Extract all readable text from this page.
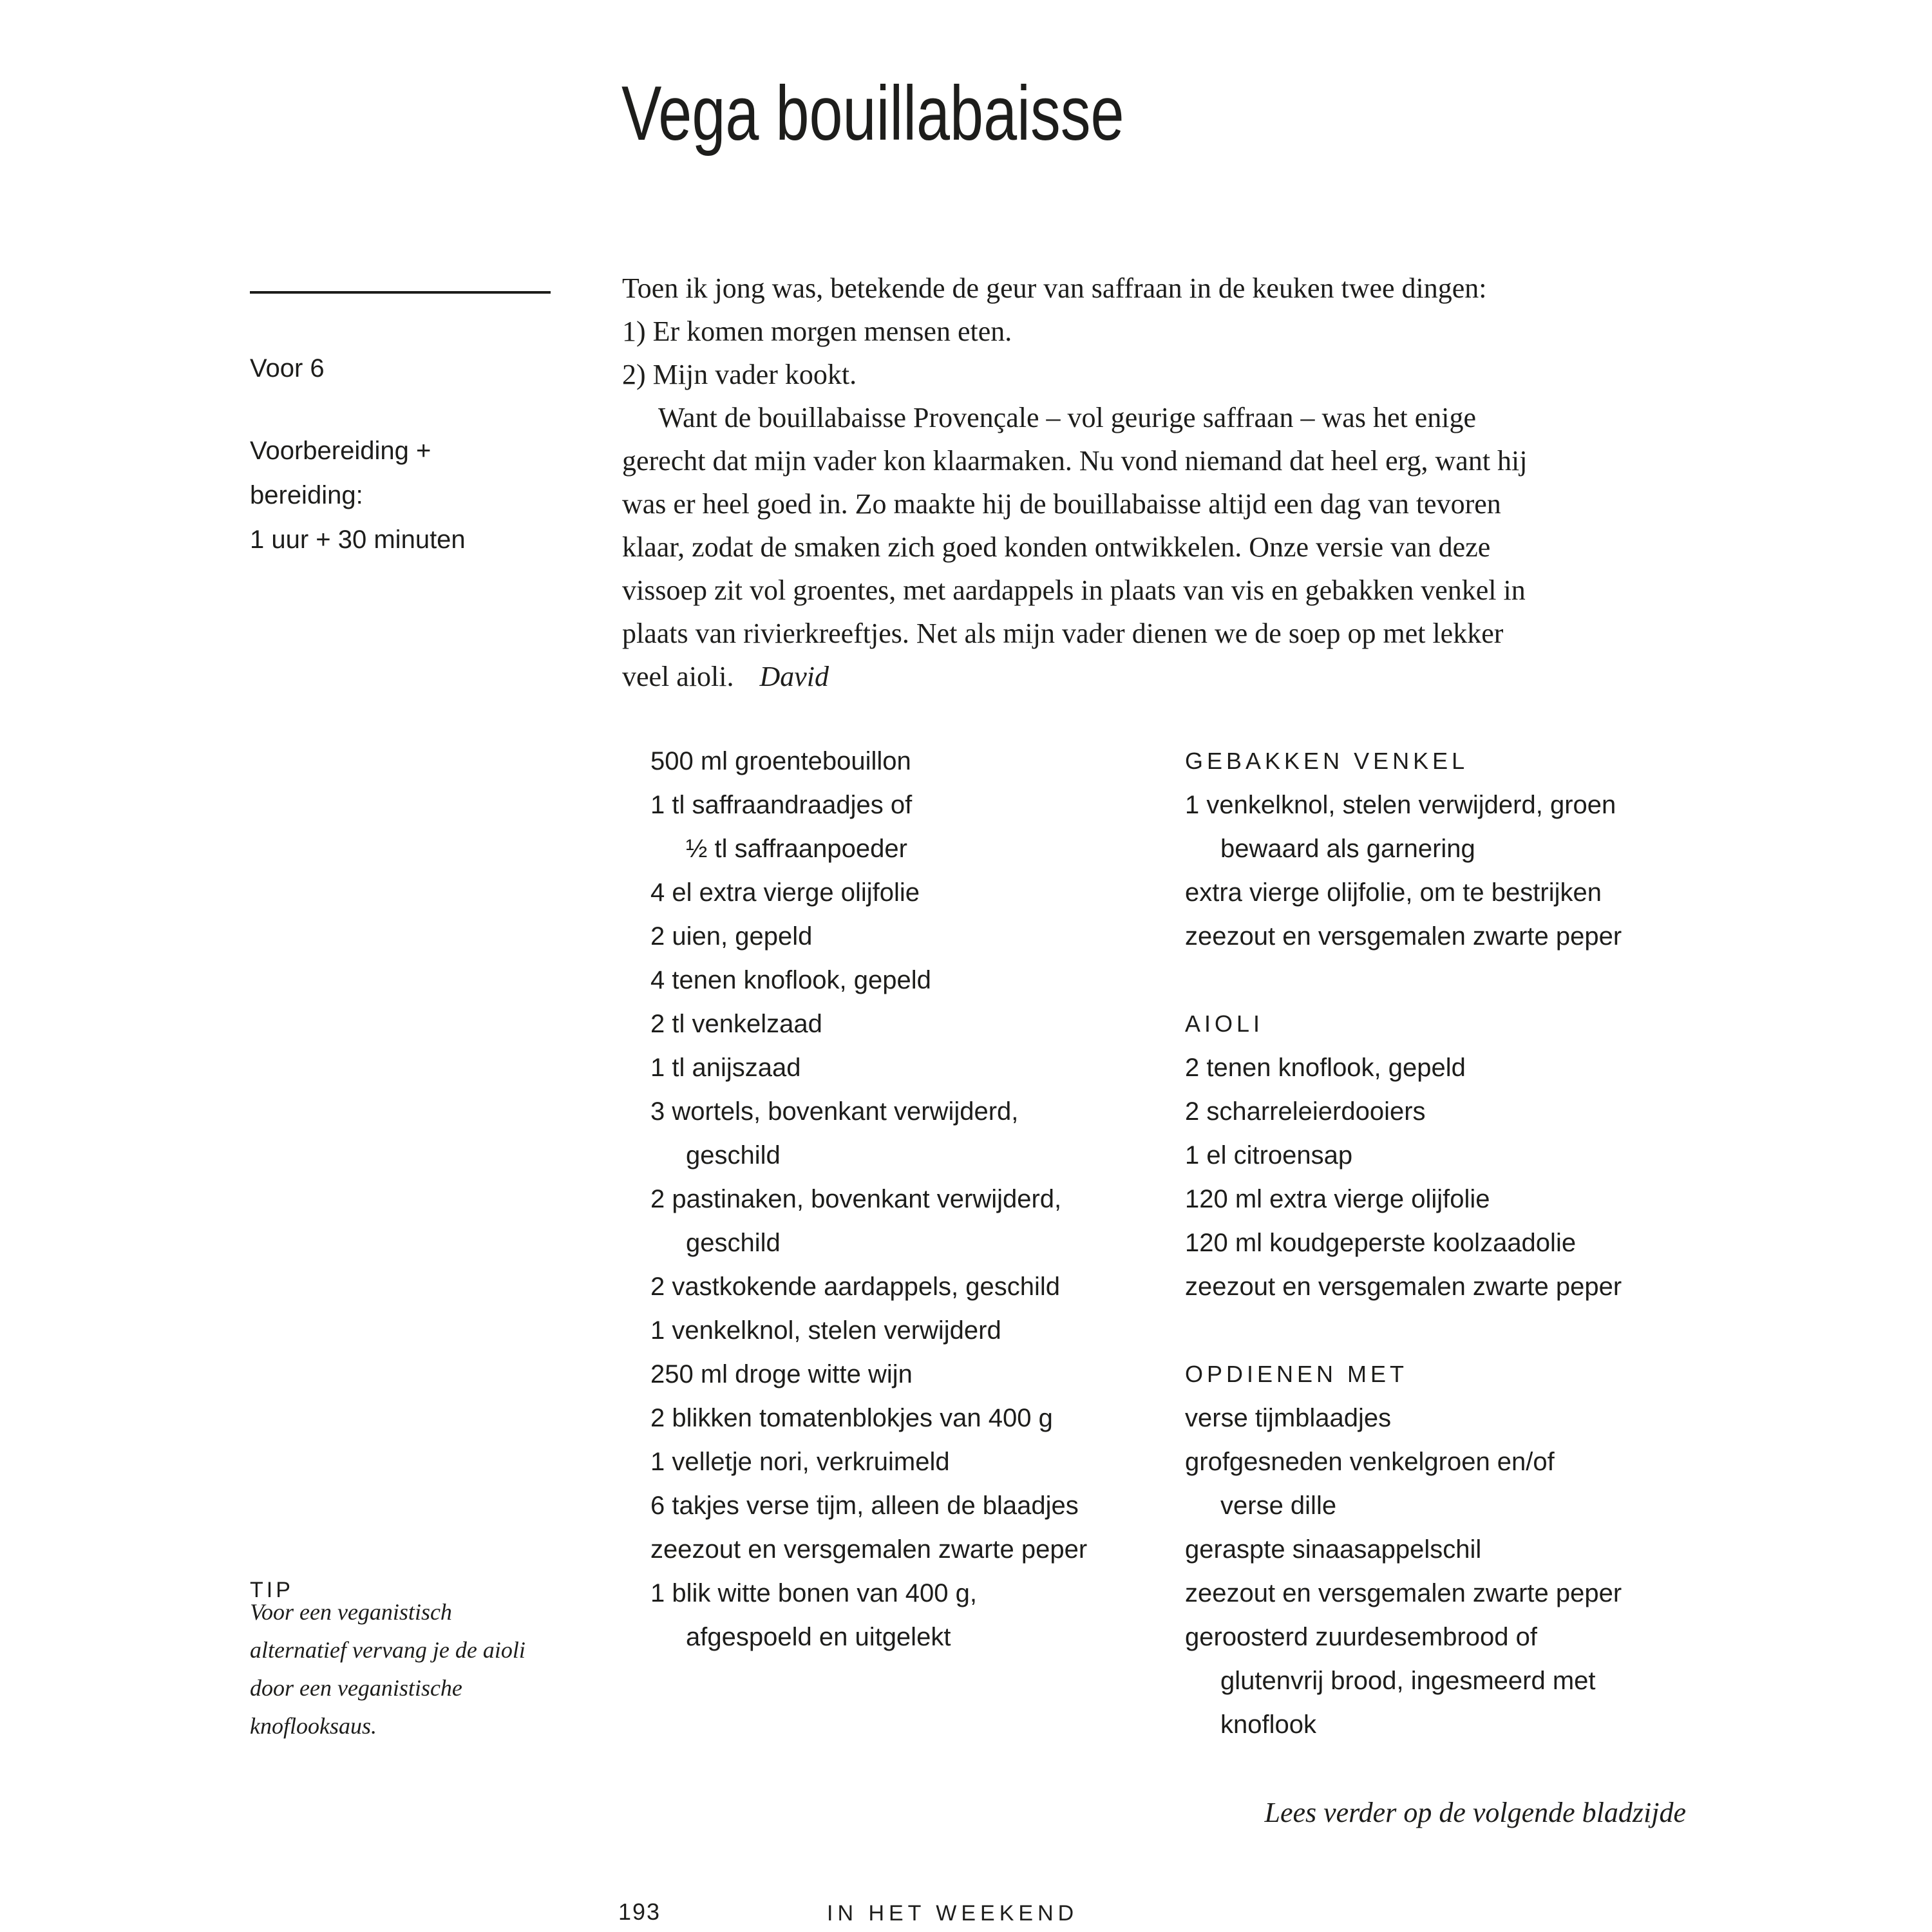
Vega bouillabaisse
Voor 6
Voorbereiding +
bereiding:
1 uur + 30 minuten
Toen ik jong was, betekende de geur van saffraan in de keuken twee dingen:
1) Er komen morgen mensen eten.
2) Mijn vader kookt.
Want de bouillabaisse Provençale – vol geurige saffraan – was het enige
gerecht dat mijn vader kon klaarmaken. Nu vond niemand dat heel erg, want hij
was er heel goed in. Zo maakte hij de bouillabaisse altijd een dag van tevoren
klaar, zodat de smaken zich goed konden ontwikkelen. Onze versie van deze
vissoep zit vol groentes, met aardappels in plaats van vis en gebakken venkel in
plaats van rivierkreeftjes. Net als mijn vader dienen we de soep op met lekker
veel aioli. David
500 ml groentebouillon
1 tl saffraandraadjes of
½ tl saffraanpoeder
4 el extra vierge olijfolie
2 uien, gepeld
4 tenen knoflook, gepeld
2 tl venkelzaad
1 tl anijszaad
3 wortels, bovenkant verwijderd,
geschild
2 pastinaken, bovenkant verwijderd,
geschild
2 vastkokende aardappels, geschild
1 venkelknol, stelen verwijderd
250 ml droge witte wijn
2 blikken tomatenblokjes van 400 g
1 velletje nori, verkruimeld
6 takjes verse tijm, alleen de blaadjes
zeezout en versgemalen zwarte peper
1 blik witte bonen van 400 g,
afgespoeld en uitgelekt
GEBAKKEN VENKEL
1 venkelknol, stelen verwijderd, groen
bewaard als garnering
extra vierge olijfolie, om te bestrijken
zeezout en versgemalen zwarte peper

AIOLI
2 tenen knoflook, gepeld
2 scharreleierdooiers
1 el citroensap
120 ml extra vierge olijfolie
120 ml koudgeperste koolzaadolie
zeezout en versgemalen zwarte peper

OPDIENEN MET
verse tijmblaadjes
grofgesneden venkelgroen en/of
verse dille
geraspte sinaasappelschil
zeezout en versgemalen zwarte peper
geroosterd zuurdesembrood of
glutenvrij brood, ingesmeerd met
knoflook
TIP
Voor een veganistisch
alternatief vervang je de aioli
door een veganistische
knoflooksaus.
Lees verder op de volgende bladzijde
193	IN HET WEEKEND
